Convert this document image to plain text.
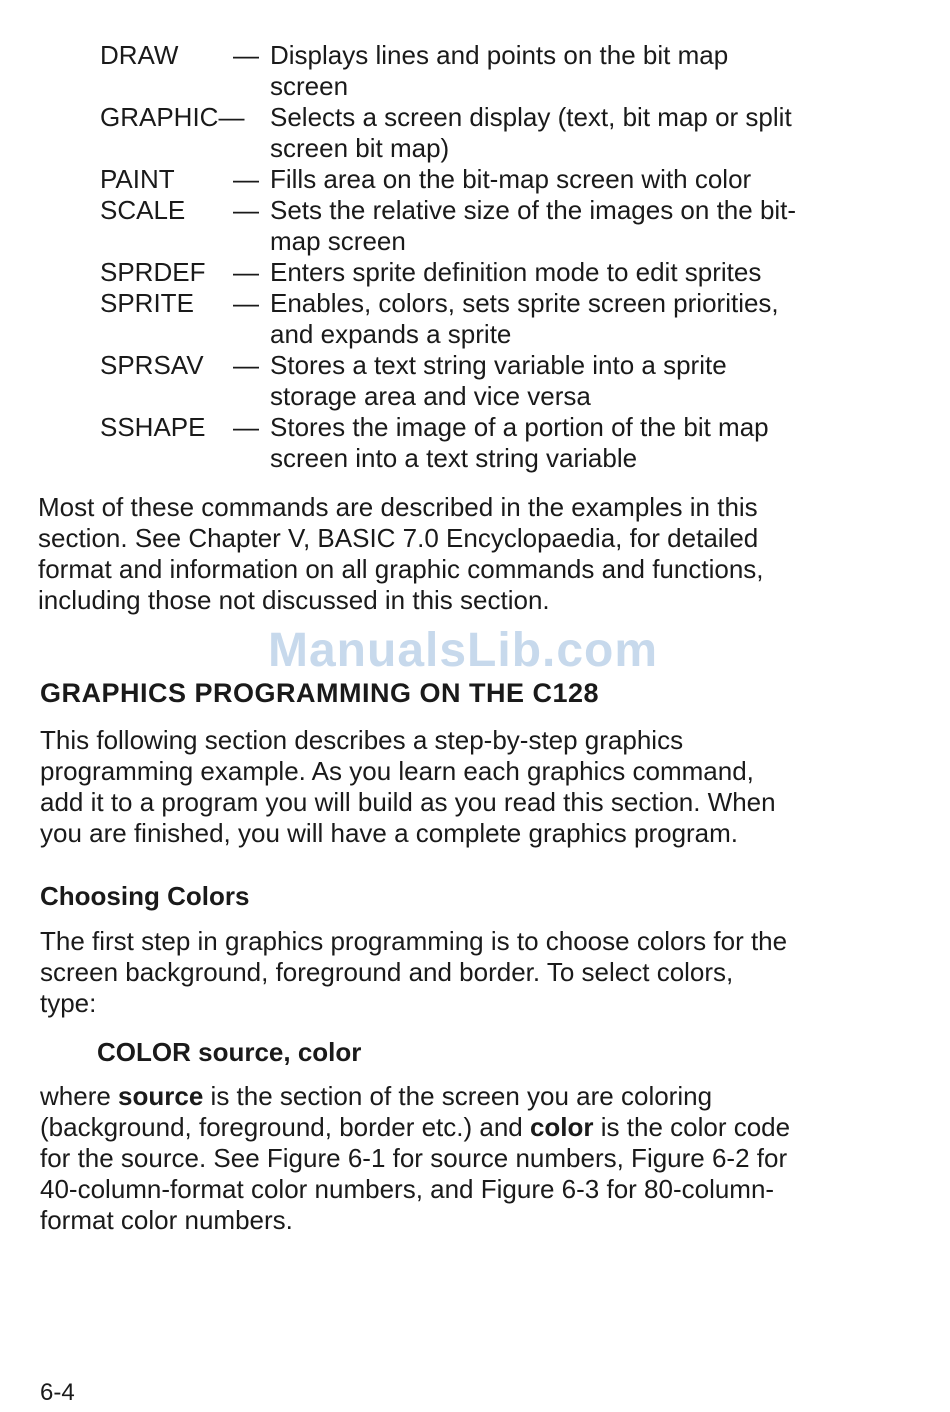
DRAW	— Displays lines and points on the bit map
screen
GRAPHIC— Selects a screen display (text, bit map or split
screen bit map)
PAINT	— Fills area on the bit-map screen with color
SCALE	— Sets the relative size of the images on the bit-
map screen
SPRDEF	— Enters sprite definition mode to edit sprites
SPRITE	— Enables, colors, sets sprite screen priorities,
and expands a sprite
SPRSAV	— Stores a text string variable into a sprite
storage area and vice versa
SSHAPE	— Stores the image of a portion of the bit map
screen into a text string variable

Most of these commands are described in the examples in this
section. See Chapter V, BASIC 7.0 Encyclopaedia, for detailed
format and information on all graphic commands and functions,
including those not discussed in this section.

ManualsLib.com
GRAPHICS PROGRAMMING ON THE C128

This following section describes a step-by-step graphics
programming example. As you learn each graphics command,
add it to a program you will build as you read this section. When
you are finished, you will have a complete graphics program.

Choosing Colors

The first step in graphics programming is to choose colors for the
screen background, foreground and border. To select colors,
type:

COLOR source, color

where source is the section of the screen you are coloring
(background, foreground, border etc.) and color is the color code
for the source. See Figure 6-1 for source numbers, Figure 6-2 for
40-column-format color numbers, and Figure 6-3 for 80-column-
format color numbers.

6-4
